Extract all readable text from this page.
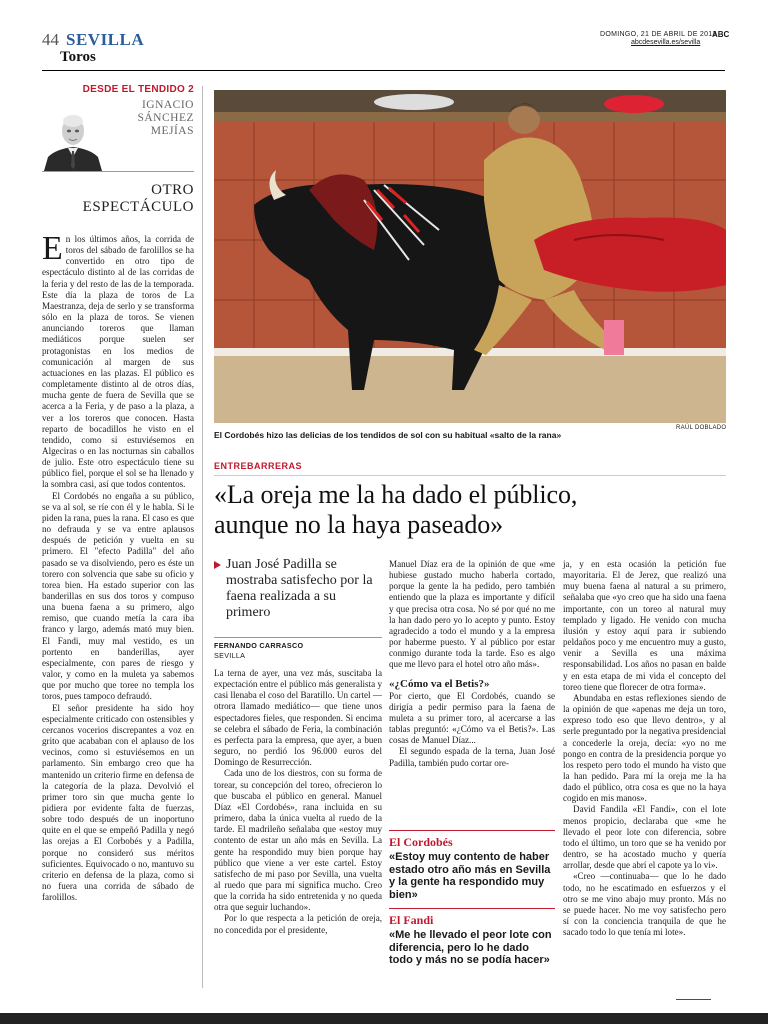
44 SEVILLA
Toros
DOMINGO, 21 DE ABRIL DE 2013
ABC
abcdesevilla.es/sevilla
DESDE EL TENDIDO 2
IGNACIO
SÁNCHEZ
MEJÍAS
OTRO
ESPECTÁCULO

En los últimos años, la corrida de toros del sábado de farolillos se ha convertido en otro tipo de espectáculo distinto al de las corridas de la feria y del resto de las de la temporada. Este día la plaza de toros de La Maestranza, deja de serlo y se transforma sólo en la plaza de toros. Se vienen anunciando toreros que llaman mediáticos porque suelen ser protagonistas en los medios de comunicación al margen de sus actuaciones en las plazas. El público es completamente distinto al de otros días, mucha gente de fuera de Sevilla que se acerca a la Feria, y de paso a la plaza, a ver a los toreros que conocen. Hasta reparto de bocadillos he visto en el tendido, como si estuviésemos en Algeciras o en las nocturnas sin caballos de julio. Este otro espectáculo tiene su público fiel, porque el sol se ha llenado y la sombra casi, así que todos contentos.

El Cordobés no engaña a su público, se va al sol, se ríe con él y le habla. Si le piden la rana, pues la rana. El caso es que no defrauda y se va entre aplausos después de petición y vuelta en su primero. El "efecto Padilla" del año pasado se va disolviendo, pero es éste un torero con solvencia que sabe su oficio y torea bien. Ha estado superior con las banderillas en sus dos toros y compuso una buena faena a su primero, algo remiso, que cuando metía la cara iba franco y largo, además mató muy bien. El Fandi, muy mal vestido, es un portento en banderillas, ayer especialmente, con pares de riesgo y valor, y como en la muleta ya sabemos que por mucho que toree no templa los toros, pues tampoco defraudó.

El señor presidente ha sido hoy especialmente criticado con ostensibles y cercanos vocerios discrepantes a voz en grito que acababan con el aplauso de los vecinos, como si estuviésemos en un parlamento. Sin embargo creo que ha mantenido un criterio firme en defensa de la categoría de la plaza. Devolvió el primer toro sin que mucha gente lo pidiera por evidente falta de fuerzas, sobre todo después de un inoportuno quite en el que se empeñó Padilla y negó las orejas a El Corbobés y a Padilla, porque no consideró sus méritos suficientes. Equivocado o no, mantuvo su criterio en defensa de la plaza, como si no fuera una corrida de sábado de farolillos.

RAÚL DOBLADO
El Cordobés hizo las delicias de los tendidos de sol con su habitual «salto de la rana»
ENTREBARRERAS
«La oreja me la ha dado el público,
aunque no la haya paseado»
Juan José Padilla se mostraba satisfecho por la faena realizada a su primero
FERNANDO CARRASCO
SEVILLA

La terna de ayer, una vez más, suscitaba la expectación entre el público más generalista y casi llenaba el coso del Baratillo. Un cartel —otrora llamado mediático— que tiene unos espectadores fieles, que responden. Si encima se celebra el sábado de Feria, la combinación es perfecta para la empresa, que ayer, a buen seguro, no perdió los 96.000 euros del Domingo de Resurrección.

Cada uno de los diestros, con su forma de torear, su concepción del toreo, ofrecieron lo que buscaba el público en general. Manuel Díaz «El Cordobés», rana incluida en su primero, daba la única vuelta al ruedo de la tarde. El madrileño señalaba que «estoy muy contento de estar un año más en Sevilla. La gente ha respondido muy bien porque hay público que viene a ver este cartel. Estoy satisfecho de mi paso por Sevilla, una vuelta al ruedo que para mí significa mucho. Creo que la corrida ha sido entretenida y no queda otra que seguir luchando».

Por lo que respecta a la petición de oreja, no concedida por el presidente,

Manuel Díaz era de la opinión de que «me hubiese gustado mucho haberla cortado, porque la gente la ha pedido, pero también entiendo que la plaza es importante y difícil y que precisa otra cosa. No sé por qué no me la han dado pero yo lo acepto y punto. Estoy agradecido a todo el mundo y a la empresa por haberme puesto. Y al público por estar conmigo durante toda la tarde. Eso es algo que me llevo para el hotel otro año más».

«¿Cómo va el Betis?»

Por cierto, que El Cordobés, cuando se dirigía a pedir permiso para la faena de muleta a su primer toro, al acercarse a las tablas preguntó: «¿Cómo va el Betis?». Las cosas de Manuel Díaz...

El segundo espada de la terna, Juan José Padilla, también pudo cortar ore-

El Cordobés
«Estoy muy contento de haber estado otro año más en Sevilla y la gente ha respondido muy bien»
El Fandi
«Me he llevado el peor lote con diferencia, pero lo he dado todo y más no se podía hacer»

ja, y en esta ocasión la petición fue mayoritaria. El de Jerez, que realizó una muy buena faena al natural a su primero, señalaba que «yo creo que ha sido una faena importante, con un toreo al natural muy templado y ligado. He venido con mucha ilusión y estoy aquí para ir subiendo peldaños poco y me encuentro muy a gusto, venir a Sevilla es una máxima responsabilidad. Los años no pasan en balde y en esta etapa de mi vida el concepto del toreo tiene que florecer de otra forma».

Abundaba en estas reflexiones siendo de la opinión de que «apenas me deja un toro, expreso todo eso que llevo dentro», y al serle preguntado por la negativa presidencial a concederle la oreja, decía: «yo no me pongo en contra de la presidencia porque yo los respeto pero todo el mundo ha visto que la han pedido. Para mí la oreja me la ha dado el público, otra cosa es que no la haya cogido en mis manos».

David Fandila «El Fandi», con el lote menos propicio, declaraba que «me he llevado el peor lote con diferencia, sobre todo el último, un toro que se ha venido por dentro, se ha acostado mucho y quería arrollar, desde que abrí el capote ya lo vi».

«Creo —continuaba— que lo he dado todo, no he escatimado en esfuerzos y el otro se me vino abajo muy pronto. Más no se puede hacer. No me voy satisfecho pero sí con la conciencia tranquila de que he sacado todo lo que tenía mi lote».
